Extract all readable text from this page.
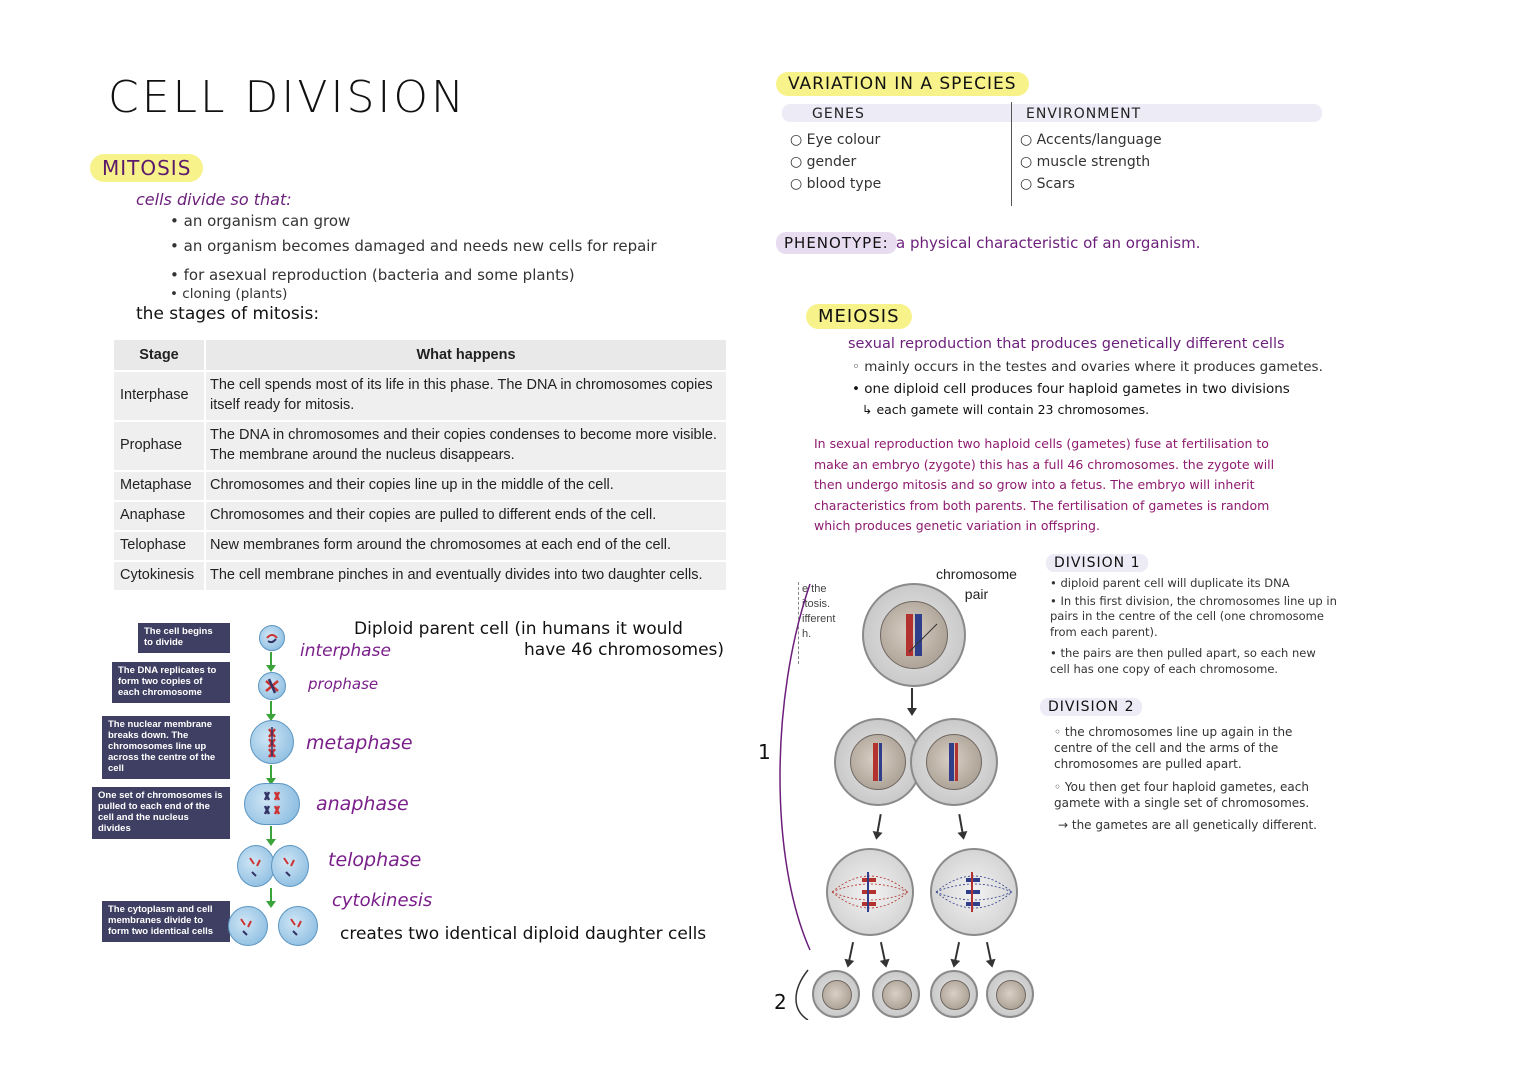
CELL DIVISION
MITOSIS
cells divide so that:
• an organism can grow
• an organism becomes damaged and needs new cells for repair
• for asexual reproduction (bacteria and some plants)
• cloning (plants)
the stages of mitosis:
Stage	What happens
Interphase	The cell spends most of its life in this phase. The DNA in chromosomes copies itself ready for mitosis.
Prophase	The DNA in chromosomes and their copies condenses to become more visible. The membrane around the nucleus disappears.
Metaphase	Chromosomes and their copies line up in the middle of the cell.
Anaphase	Chromosomes and their copies are pulled to different ends of the cell.
Telophase	New membranes form around the chromosomes at each end of the cell.
Cytokinesis	The cell membrane pinches in and eventually divides into two daughter cells.
The cell begins to divide
The DNA replicates to form two copies of each chromosome
The nuclear membrane breaks down. The chromosomes line up across the centre of the cell
One set of chromosomes is pulled to each end of the cell and the nucleus divides
The cytoplasm and cell membranes divide to form two identical cells
Diploid parent cell (in humans it would
have 46 chromosomes)
interphase
prophase
metaphase
anaphase
telophase
cytokinesis
creates two identical diploid daughter cells
VARIATION IN A SPECIES
GENES	ENVIRONMENT
○ Eye colour
○ gender
○ blood type
○ Accents/language
○ muscle strength
○ Scars
PHENOTYPE: a physical characteristic of an organism.
MEIOSIS
sexual reproduction that produces genetically different cells
◦ mainly occurs in the testes and ovaries where it produces gametes.
• one diploid cell produces four haploid gametes in two divisions
↳ each gamete will contain 23 chromosomes.
In sexual reproduction two haploid cells (gametes) fuse at fertilisation to
make an embryo (zygote) this has a full 46 chromosomes. the zygote will
then undergo mitosis and so grow into a fetus. The embryo will inherit
characteristics from both parents. The fertilisation of gametes is random
which produces genetic variation in offspring.
e the
itosis.
ifferent
h.
1
2
chromosome
pair
DIVISION 1
• diploid parent cell will duplicate its DNA
• In this first division, the chromosomes line up in pairs in the centre of the cell (one chromosome from each parent).
• the pairs are then pulled apart, so each new cell has one copy of each chromosome.
DIVISION 2
◦ the chromosomes line up again in the centre of the cell and the arms of the chromosomes are pulled apart.
◦ You then get four haploid gametes, each gamete with a single set of chromosomes.
→ the gametes are all genetically different.
